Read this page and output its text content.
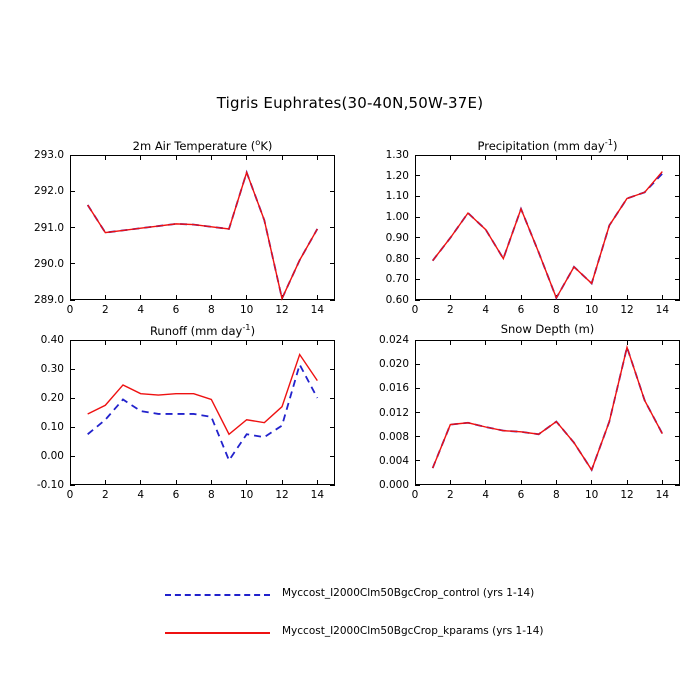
Tigris Euphrates(30-40N,50W-37E)
2m Air Temperature ($^o$K)
289.0
290.0
291.0
292.0
293.0
0	2	4	6	8 10 12 14
Precipitation (mm day$^{-1}$)
0.60
0.70
0.80
0.90
1.00
1.10
1.20
1.30
0	2	4	6	8 10 12 14
Runoff (mm day$^{-1}$)
-0.10
0.00
0.10
0.20
0.30
0.40
0	2	4	6	8 10 12 14
Snow Depth (m)
0.000
0.004
0.008
0.012
0.016
0.020
0.024
0	2	4	6	8 10 12 14
Myccost_I2000Clm50BgcCrop_control (yrs 1-14)
Myccost_I2000Clm50BgcCrop_kparams (yrs 1-14)
